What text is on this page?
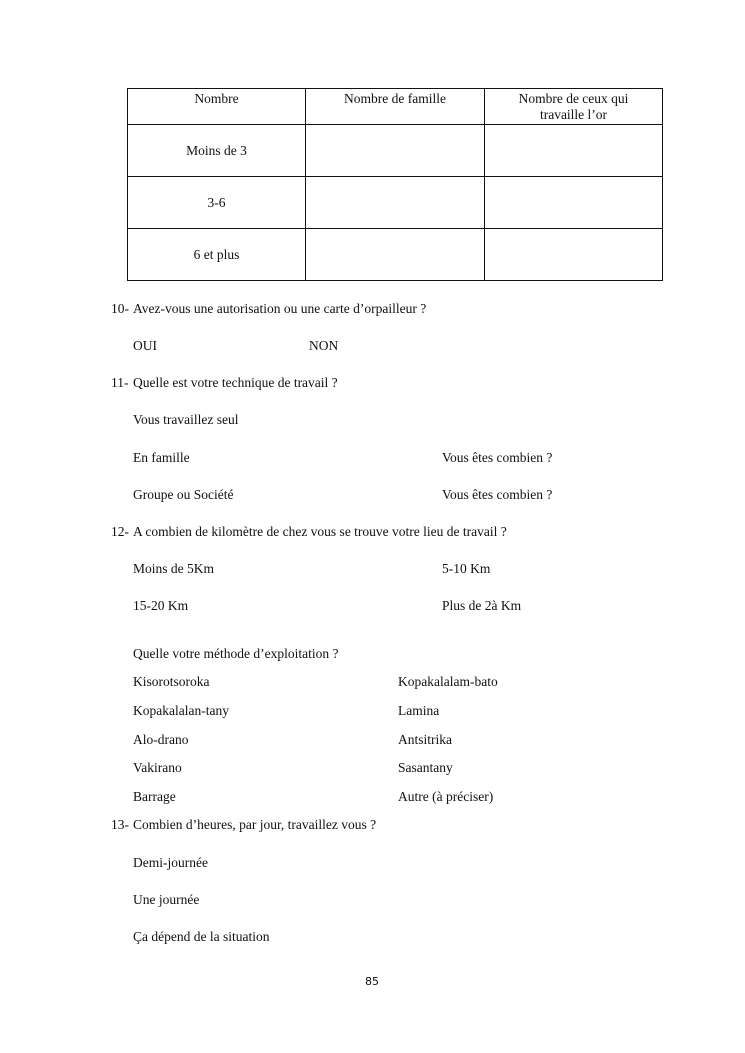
Nombre	Nombre de famille	Nombre de ceux qui travaille l’or
Moins de 3		
3-6		
6 et plus		
10- Avez-vous une autorisation ou une carte d’orpailleur ?
OUI	NON
11- Quelle est votre technique de travail ?
Vous travaillez seul
En famille	Vous êtes combien ?
Groupe ou Société	Vous êtes combien ?
12- A combien de kilomètre de chez vous se trouve votre lieu de travail ?
Moins de 5Km	5-10 Km
15-20 Km	Plus de 2à Km
Quelle votre méthode d’exploitation ?
Kisorotsoroka	Kopakalalam-bato
Kopakalalan-tany	Lamina
Alo-drano	Antsitrika
Vakirano	Sasantany
Barrage	Autre (à préciser)
13- Combien d’heures, par jour, travaillez vous ?
Demi-journée
Une journée
Ça dépend de la situation
85
